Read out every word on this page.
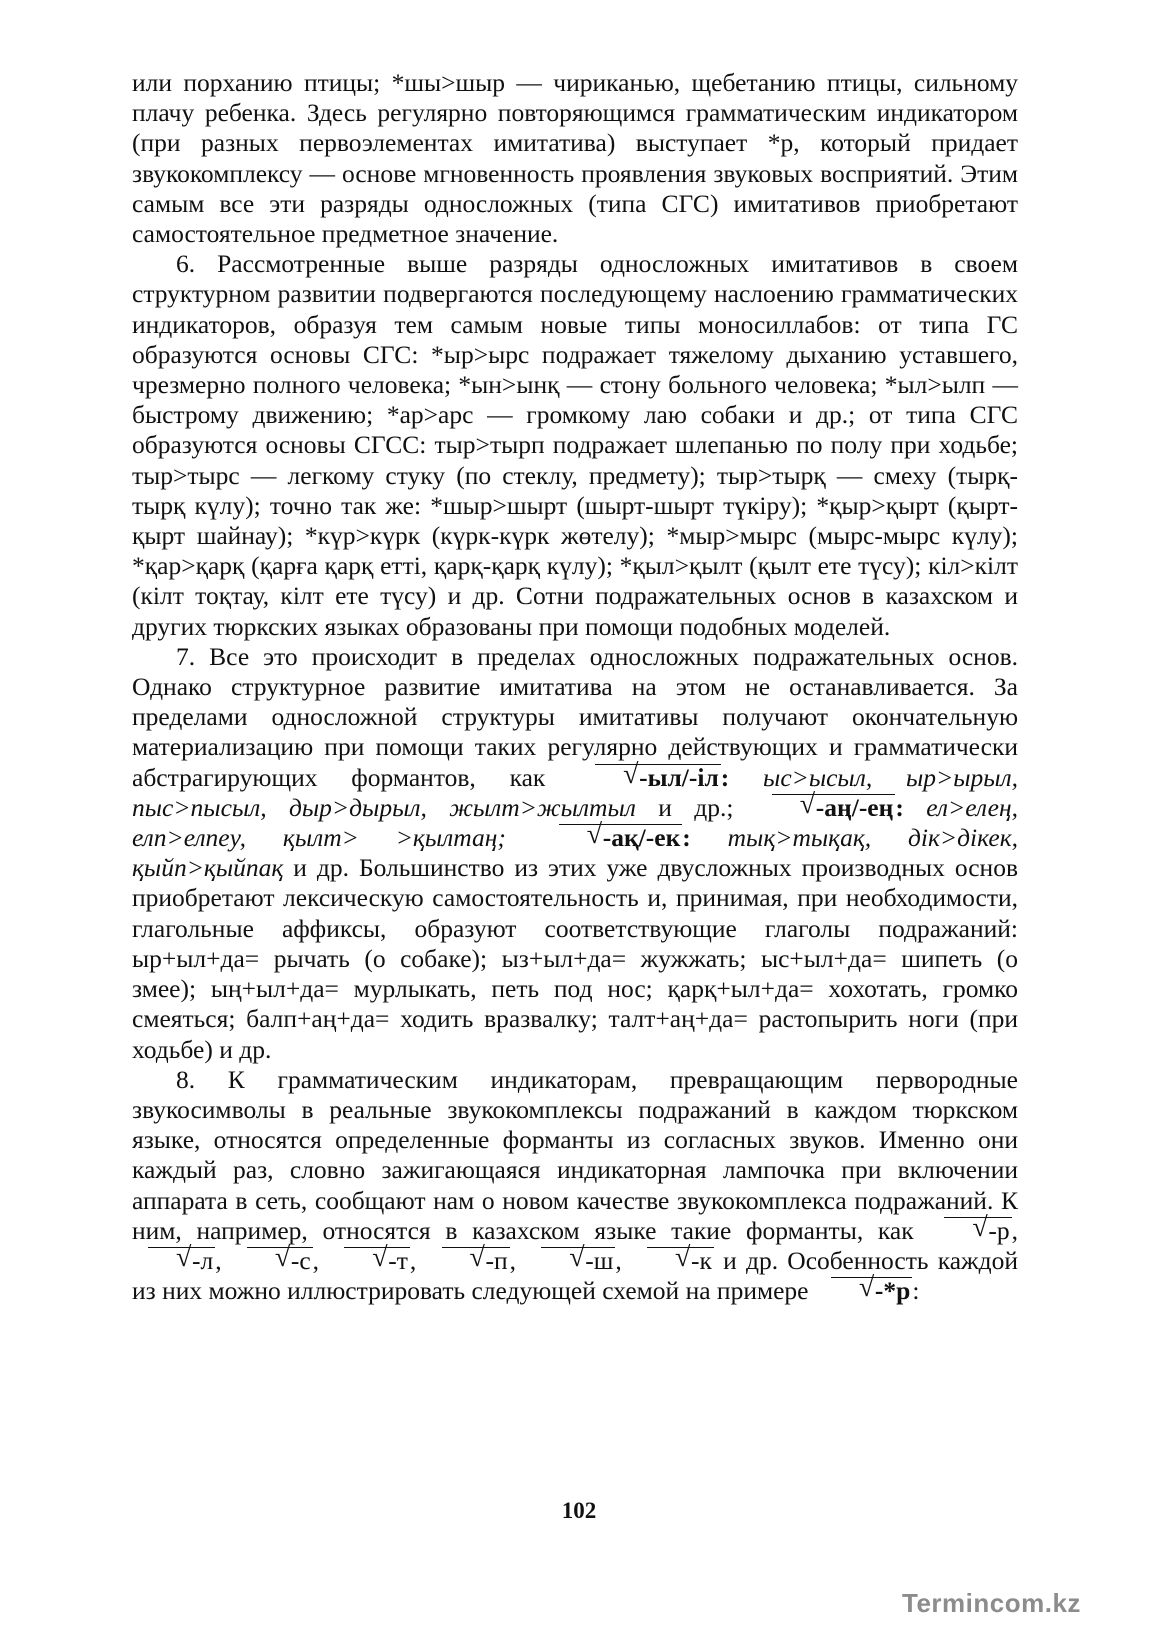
или порханию птицы; *шы>шыр — чириканью, щебетанию птицы, сильному плачу ребенка. Здесь регулярно повторяющимся грамматическим индикатором (при разных первоэлементах имитатива) выступает *р, который придает звукокомплексу — основе мгновенность проявления звуковых восприятий. Этим самым все эти разряды односложных (типа СГС) имитативов приобретают самостоятельное предметное значение.

6. Рассмотренные выше разряды односложных имитативов в своем структурном развитии подвергаются последующему наслоению грамматических индикаторов, образуя тем самым новые типы моносиллабов: от типа ГС образуются основы СГС: *ыр>ырс подражает тяжелому дыханию уставшего, чрезмерно полного человека; *ын>ынқ — стону больного человека; *ыл>ылп — быстрому движению; *ар>арс — громкому лаю собаки и др.; от типа СГС образуются основы СГСС: тыр>тырп подражает шлепанью по полу при ходьбе; тыр>тырс — легкому стуку (по стеклу, предмету); тыр>тырқ — смеху (тырқ-тырқ күлу); точно так же: *шыр>шырт (шырт-шырт түкіру); *қыр>қырт (қырт-қырт шайнау); *күр>күрк (күрк-күрк жөтелу); *мыр>мырс (мырс-мырс күлу); *қар>қарқ (қарға қарқ етті, қарқ-қарқ күлу); *қыл>қылт (қылт ете түсу); кіл>кілт (кілт тоқтау, кілт ете түсу) и др. Сотни подражательных основ в казахском и других тюркских языках образованы при помощи подобных моделей.

7. Все это происходит в пределах односложных подражательных основ. Однако структурное развитие имитатива на этом не останавливается. За пределами односложной структуры имитативы получают окончательную материализацию при помощи таких регулярно действующих и грамматически абстрагирующих формантов, как √ -ыл/-іл: ыс>ысыл, ыр>ырыл, пыс>пысыл, дыр>дырыл, жылт>жылтыл и др.; √ -аң/-ең: ел>елең, елп>елпеу, қылт> >қылтаң; √	-ақ/-ек: тық>тықақ, дік>дікек, қыйп>қыйпақ и др. Большинство из этих уже двусложных производных основ приобретают лексическую самостоятельность и, принимая, при необходимости, глагольные аффиксы, образуют соответствующие глаголы подражаний: ыр+ыл+да= рычать (о собаке); ыз+ыл+да= жужжать; ыс+ыл+да= шипеть (о змее); ың+ыл+да= мурлыкать, петь под нос; қарқ+ыл+да= хохотать, громко смеяться; балп+аң+да= ходить вразвалку; талт+аң+да= растопырить ноги (при ходьбе) и др.

8. К грамматическим индикаторам, превращающим первородные звукосимволы в реальные звукокомплексы подражаний в каждом тюркском языке, относятся определенные форманты из согласных звуков. Именно они каждый раз, словно зажигающаяся индикаторная лампочка при включении аппарата в сеть, сообщают нам о новом качестве звукокомплекса подражаний. К ним, например, относятся в казахском языке такие форманты, как √ -р, √ -л, √ -с, √ -т, √ -п, √ -ш, √ -к и др. Особенность каждой из них можно иллюстрировать следующей схемой на примере √ -*р:

102
Termincom.kz
